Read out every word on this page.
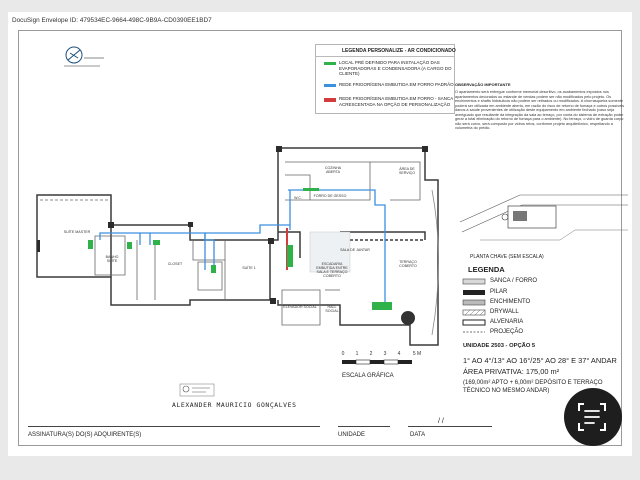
DocuSign Envelope ID: 479534EC-9664-498C-9B9A-CD0390EE1BD7
SUÍTE MASTER
BANHO SUÍTE
CLOSET
SUÍTE 1
COZINHA ABERTA
ÁREA DE SERVIÇO
W.C.
SALA DE JANTAR
TERRAÇO COBERTO
ELEVADOR SOCIAL	HALL SOCIAL
FORRO DE GESSO
ESCADARIA EMBUTIDA ENTRE SALA E TERRAÇO COBERTO
LEGENDA PERSONALIZE - AR CONDICIONADO
LOCAL PRÉ DEFINIDO PARA INSTALAÇÃO DAS EVAPORADORAS E CONDENSADORA (A CARGO DO CLIENTE)
REDE FRIGORÍGENA EMBUTIDA EM FORRO PADRÃO
REDE FRIGORÍGENA EMBUTIDA EM FORRO - SANCA ACRESCENTADA NA OPÇÃO DE PERSONALIZAÇÃO
OBSERVAÇÃO IMPORTANTE
O apartamento será entregue conforme memorial descritivo, os acabamentos expostos nos apartamentos decorados ou estande de vendas podem ser não modificados pelo projeto. Os enchimentos e shafts hidráulicos não podem ser retirados ou modificados. A churrasqueira somente poderá ser utilizada em ambiente aberto, em razão do risco de retorno de fumaça e outros possíveis danos à saúde provenientes de utilização deste equipamento em ambiente fechado (caso seja averiguado que resultante da integração da sala ao terraço, por conta do sistema de extração poder gerar a total eliminação do retorno de fumaça para o ambiente). No terraço, o vidro de guarda corpo não será curvo, será composto por vidros retos, conforme projeto arquitetônico, respeitando a volumetria do prédio.
PLANTA CHAVE (SEM ESCALA)
LEGENDA
SANCA / FORRO
PILAR
ENCHIMENTO
DRYWALL
ALVENARIA
PROJEÇÃO
UNIDADE 2503 - OPÇÃO 5
1° AO 4°/13° AO 16°/25° AO 28° E 37° ANDAR
ÁREA PRIVATIVA: 175,00 m²
(169,00m² APTO + 6,00m² DEPÓSITO E TERRAÇO TÉCNICO NO MESMO ANDAR)
0	1	2	3	4	5 M
ESCALA GRÁFICA
ALEXANDER MAURICIO GONÇALVES
ASSINATURA(S) DO(S) ADQUIRENTE(S)	UNIDADE	DATA
/ /
